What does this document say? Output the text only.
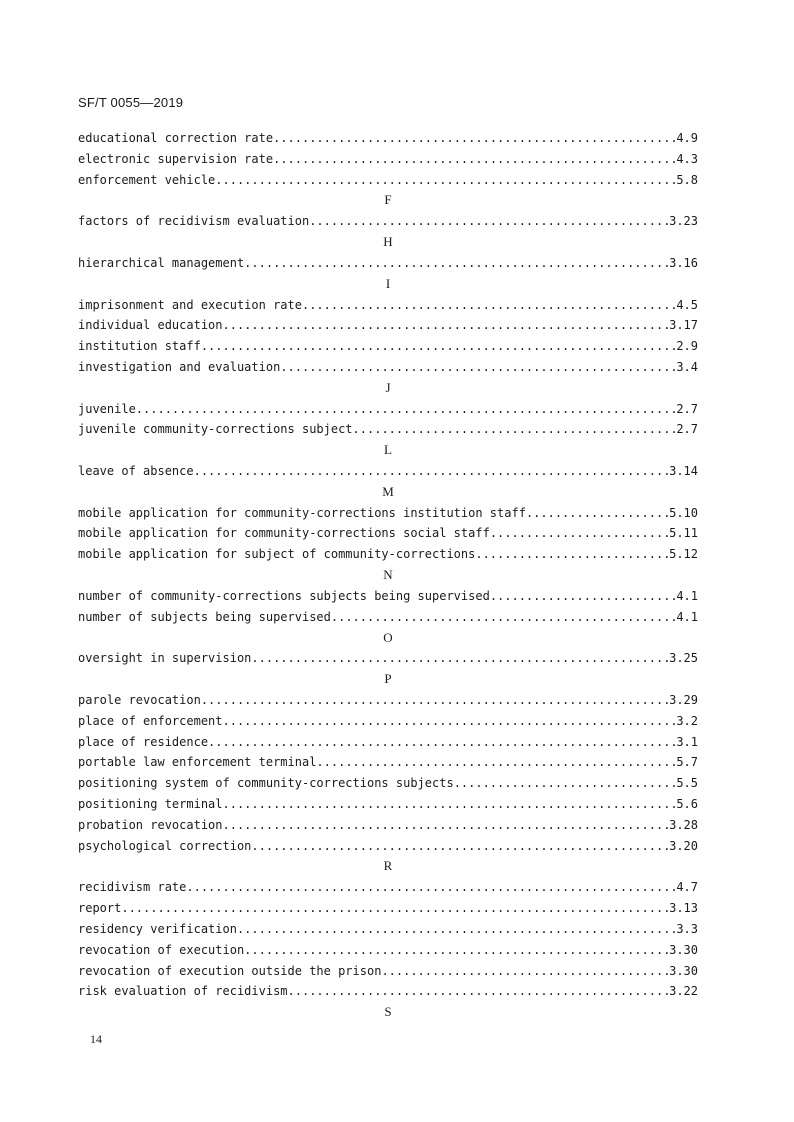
SF/T 0055—2019
educational correction rate .....	4.9
electronic supervision rate .....	4.3
enforcement vehicle .....	5.8
F
factors of recidivism evaluation .....	3.23
H
hierarchical management .....	3.16
I
imprisonment and execution rate .....	4.5
individual education .....	3.17
institution staff .....	2.9
investigation and evaluation .....	3.4
J
juvenile .....	2.7
juvenile community-corrections subject .....	2.7
L
leave of absence .....	3.14
M
mobile application for community-corrections institution staff .....	5.10
mobile application for community-corrections social staff .....	5.11
mobile application for subject of community-corrections .....	5.12
N
number of community-corrections subjects being supervised .....	4.1
number of subjects being supervised .....	4.1
O
oversight in supervision .....	3.25
P
parole revocation .....	3.29
place of enforcement .....	3.2
place of residence .....	3.1
portable law enforcement terminal .....	5.7
positioning system of community-corrections subjects .....	5.5
positioning terminal .....	5.6
probation revocation .....	3.28
psychological correction .....	3.20
R
recidivism rate .....	4.7
report .....	3.13
residency verification .....	3.3
revocation of execution .....	3.30
revocation of execution outside the prison .....	3.30
risk evaluation of recidivism .....	3.22
S
14
